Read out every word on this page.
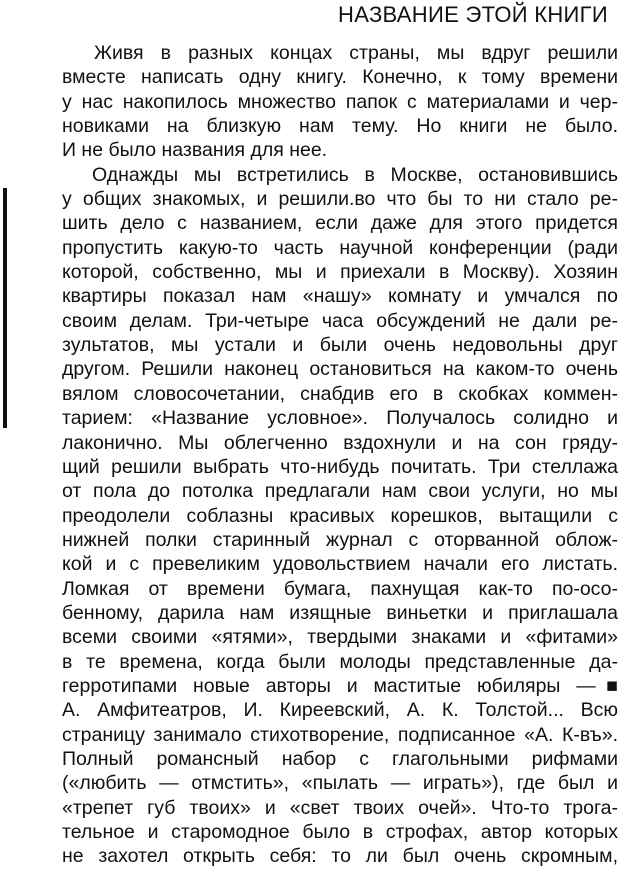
НАЗВАНИЕ ЭТОЙ КНИГИ
Живя в разных концах страны, мы вдруг решили
вместе написать одну книгу. Конечно, к тому времени
у нас накопилось множество папок с материалами и чер-
новиками на близкую нам тему. Но книги не было.
И не было названия для нее.
Однажды мы встретились в Москве, остановившись
у общих знакомых, и решили.во что бы то ни стало ре-
шить дело с названием, если даже для этого придется
пропустить какую-то часть научной конференции (ради
которой, собственно, мы и приехали в Москву). Хозяин
квартиры показал нам «нашу» комнату и умчался по
своим делам. Три-четыре часа обсуждений не дали ре-
зультатов, мы устали и были очень недовольны друг
другом. Решили наконец остановиться на каком-то очень
вялом словосочетании, снабдив его в скобках коммен-
тарием: «Название условное». Получалось солидно и
лаконично. Мы облегченно вздохнули и на сон гряду-
щий решили выбрать что-нибудь почитать. Три стеллажа
от пола до потолка предлагали нам свои услуги, но мы
преодолели соблазны красивых корешков, вытащили с
нижней полки старинный журнал с оторванной облож-
кой и с превеликим удовольствием начали его листать.
Ломкая от времени бумага, пахнущая как-то по-осо-
бенному, дарила нам изящные виньетки и приглашала
всеми своими «ятями», твердыми знаками и «фитами»
в те времена, когда были молоды представленные да-
герротипами новые авторы и маститые юбиляры —■
А. Амфитеатров, И. Киреевский, А. К. Толстой... Всю
страницу занимало стихотворение, подписанное «А. К-въ».
Полный романсный набор с глагольными рифмами
(«любить — отмстить», «пылать — играть»), где был и
«трепет губ твоих» и «свет твоих очей». Что-то трога-
тельное и старомодное было в строфах, автор которых
не захотел открыть себя: то ли был очень скромным,
